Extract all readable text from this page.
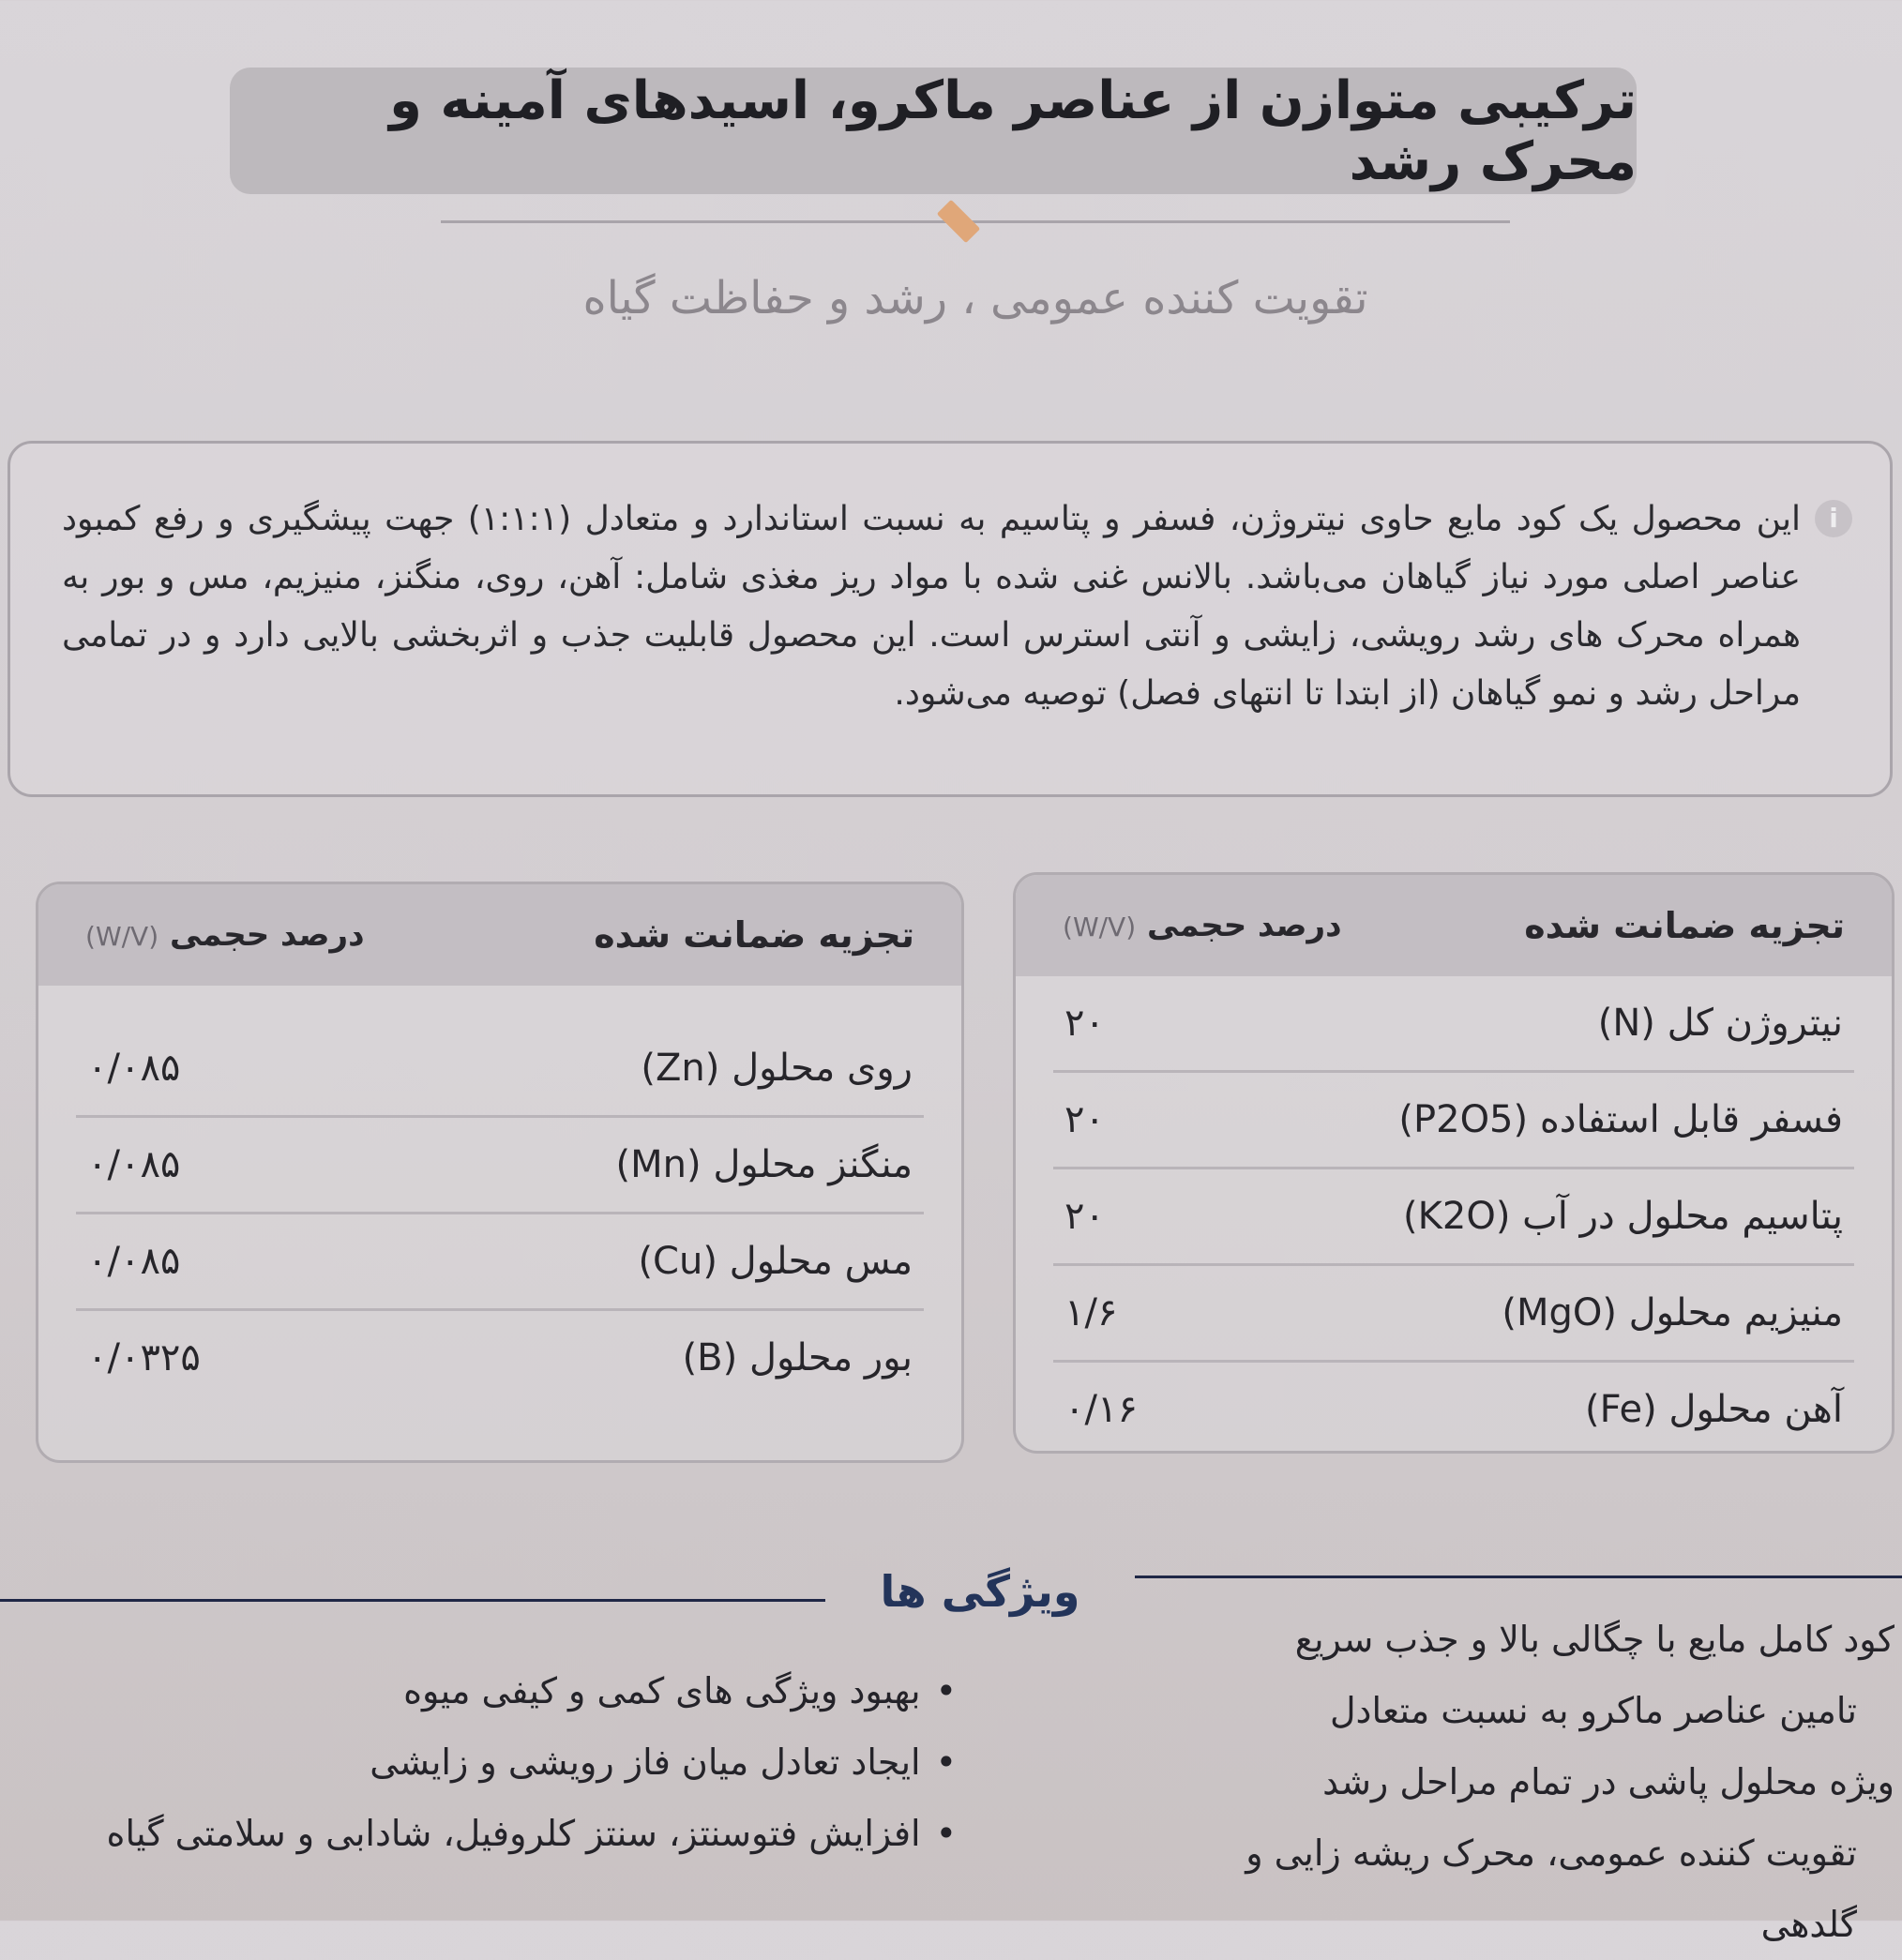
ترکیبی متوازن از عناصر ماکرو، اسیدهای آمینه و محرک رشد
تقویت کننده عمومی ، رشد و حفاظت گیاه
i
این محصول یک کود مایع حاوی نیتروژن، فسفر و پتاسیم به نسبت استاندارد و متعادل (۱:۱:۱) جهت پیشگیری و رفع کمبود عناصر اصلی مورد نیاز گیاهان می‌باشد. بالانس غنی شده با مواد ریز مغذی شامل: آهن، روی، منگنز، منیزیم، مس و بور به همراه محرک های رشد رویشی، زایشی و آنتی استرس است. این محصول قابلیت جذب و اثربخشی بالایی دارد و در تمامی مراحل رشد و نمو گیاهان (از ابتدا تا انتهای فصل) توصیه می‌شود.
تجزیه ضمانت شده
درصد حجمی (W/V)
نیتروژن کل (N)
۲۰
فسفر قابل استفاده (P2O5)
۲۰
پتاسیم محلول در آب (K2O)
۲۰
منیزیم محلول (MgO)
۱/۶
آهن محلول (Fe)
۰/۱۶
تجزیه ضمانت شده
درصد حجمی (W/V)
روی محلول (Zn)
۰/۰۸۵
منگنز محلول (Mn)
۰/۰۸۵
مس محلول (Cu)
۰/۰۸۵
بور محلول (B)
۰/۰۳۲۵
ویژگی ها
کود کامل مایع با چگالی بالا و جذب سریع
تامین عناصر ماکرو به نسبت متعادل
ویژه محلول پاشی در تمام مراحل رشد
تقویت کننده عمومی، محرک ریشه زایی و گلدهی
• بهبود ویژگی های کمی و کیفی میوه
• ایجاد تعادل میان فاز رویشی و زایشی
• افزایش فتوسنتز، سنتز کلروفیل، شادابی و سلامتی گیاه
